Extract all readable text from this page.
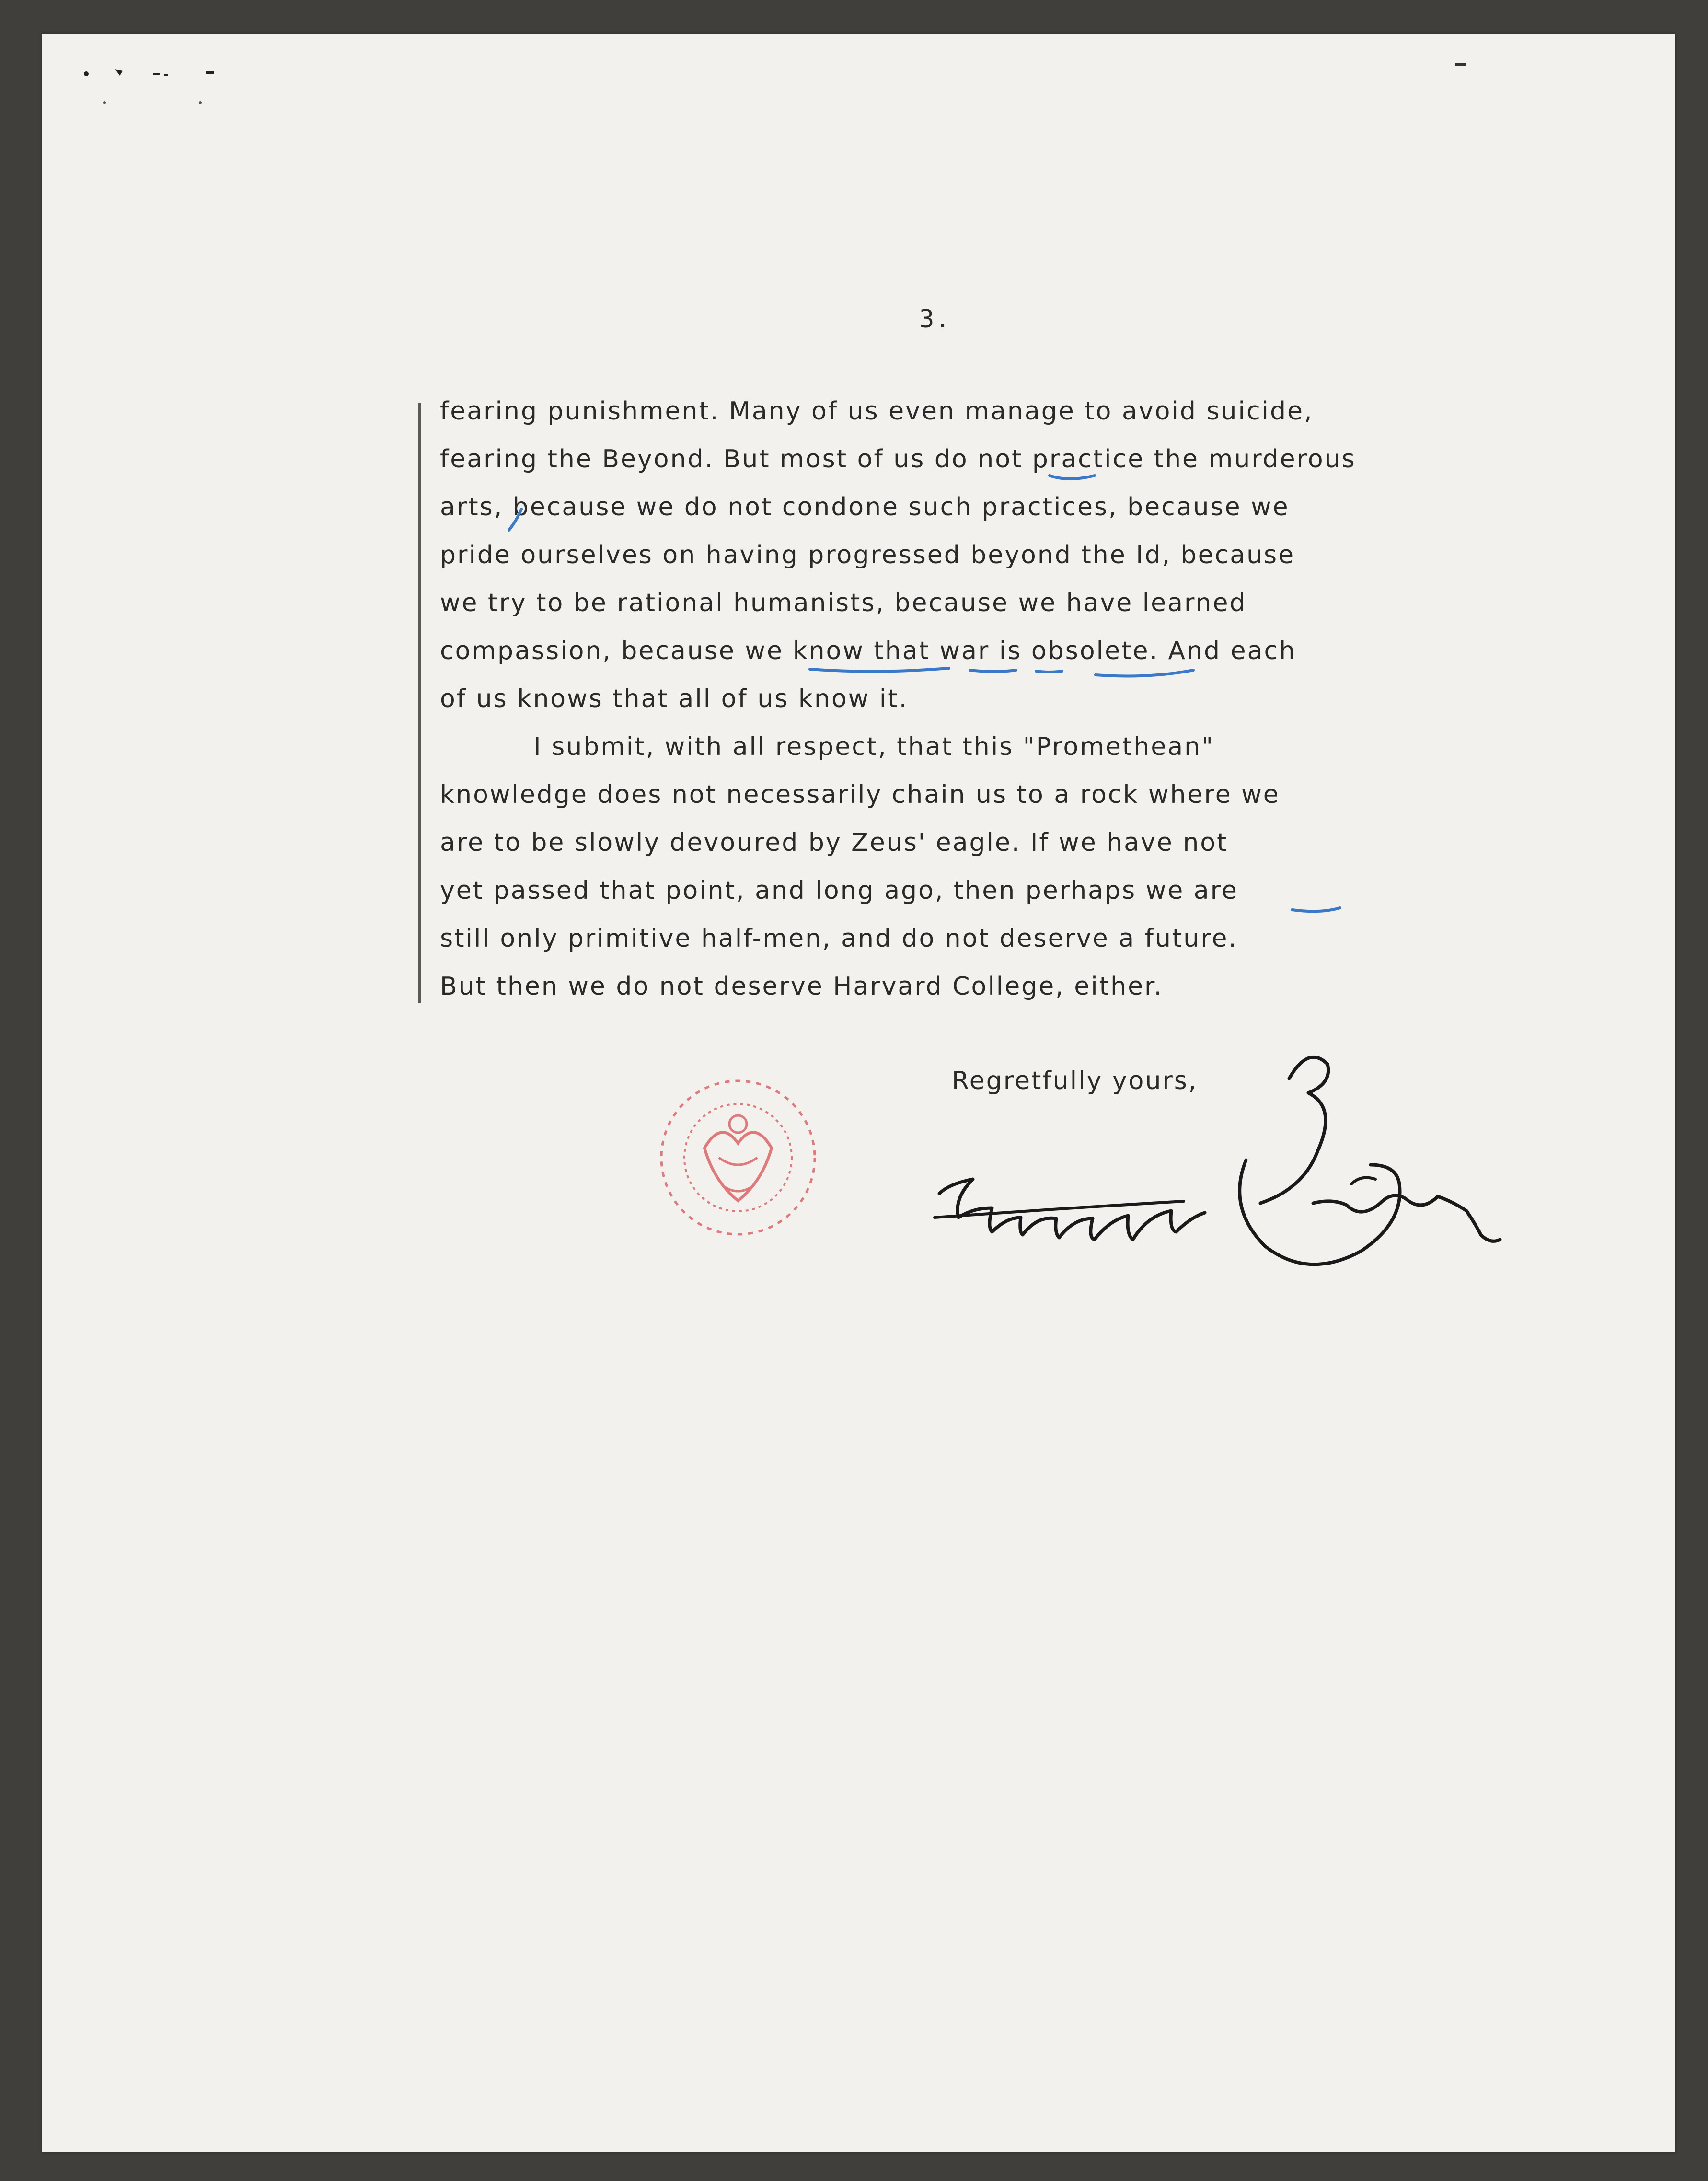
3.
fearing punishment. Many of us even manage to avoid suicide,
fearing the Beyond. But most of us do not practice the murderous
arts, because we do not condone such practices, because we
pride ourselves on having progressed beyond the Id, because
we try to be rational humanists, because we have learned
compassion, because we know that war is obsolete. And each
of us knows that all of us know it.
I submit, with all respect, that this "Promethean"
knowledge does not necessarily chain us to a rock where we
are to be slowly devoured by Zeus' eagle. If we have not
yet passed that point, and long ago, then perhaps we are
still only primitive half-men, and do not deserve a future.
But then we do not deserve Harvard College, either.
Regretfully yours,
